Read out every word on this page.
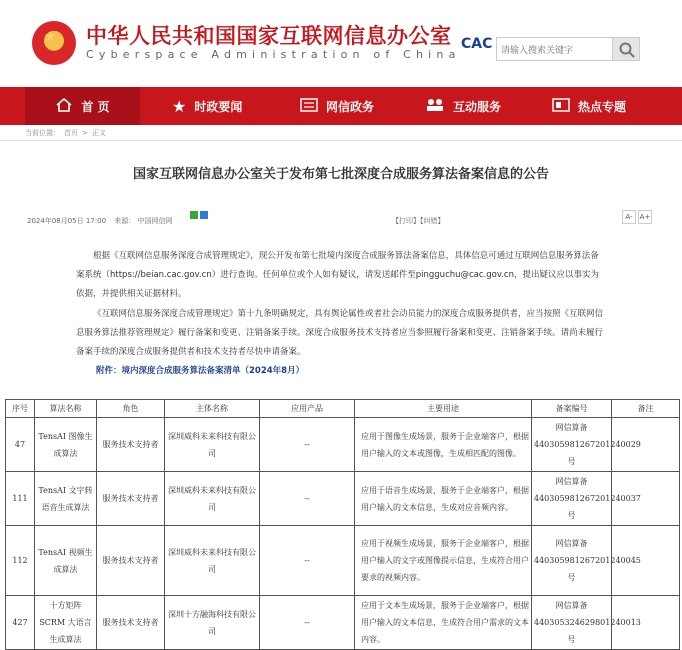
★ 中华人民共和国国家互联网信息办公室
Cyberspace Administration of China
CAC
请输入搜索关键字
首 页	★ 时政要闻	网信政务	互动服务	热点专题
当前位置： 首页 > 正文
国家互联网信息办公室关于发布第七批深度合成服务算法备案信息的公告
2024年08月05日 17:00 来源： 中国网信网	【打印】【纠错】	A- A+
根据《互联网信息服务深度合成管理规定》，现公开发布第七批境内深度合成服务算法备案信息，具体信息可通过互联网信息服务算法备案系统（https://beian.cac.gov.cn）进行查询。任何单位或个人如有疑议，请发送邮件至pingguchu@cac.gov.cn，提出疑议应以事实为依据，并提供相关证据材料。
《互联网信息服务深度合成管理规定》第十九条明确规定，具有舆论属性或者社会动员能力的深度合成服务提供者，应当按照《互联网信息服务算法推荐管理规定》履行备案和变更、注销备案手续。深度合成服务技术支持者应当参照履行备案和变更、注销备案手续。请尚未履行备案手续的深度合成服务提供者和技术支持者尽快申请备案。
附件：境内深度合成服务算法备案清单（2024年8月）
序号	算法名称	角色	主体名称	应用产品	主要用途	备案编号	备注
47	TensAI 图像生成算法	服务技术支持者	深圳威科未来科技有限公司	--	应用于图像生成场景，服务于企业端客户，根据用户输入的文本或图像，生成相匹配的图像。	网信算备440305981267201240029 号	
111	TensAI 文字转语音生成算法	服务技术支持者	深圳威科未来科技有限公司	--	应用于语音生成场景，服务于企业端客户，根据用户输入的文本信息，生成对应音频内容。	网信算备440305981267201240037 号	
112	TensAI 视频生成算法	服务技术支持者	深圳威科未来科技有限公司	--	应用于视频生成场景，服务于企业端客户，根据用户输入的文字或图像提示信息，生成符合用户要求的视频内容。	网信算备440305981267201240045 号	
427	十方矩阵SCRM 大语言生成算法	服务技术支持者	深圳十方融海科技有限公司	--	应用于文本生成场景，服务于企业端客户，根据用户输入的文本信息，生成符合用户需求的文本内容。	网信算备440305324629801240013 号	
